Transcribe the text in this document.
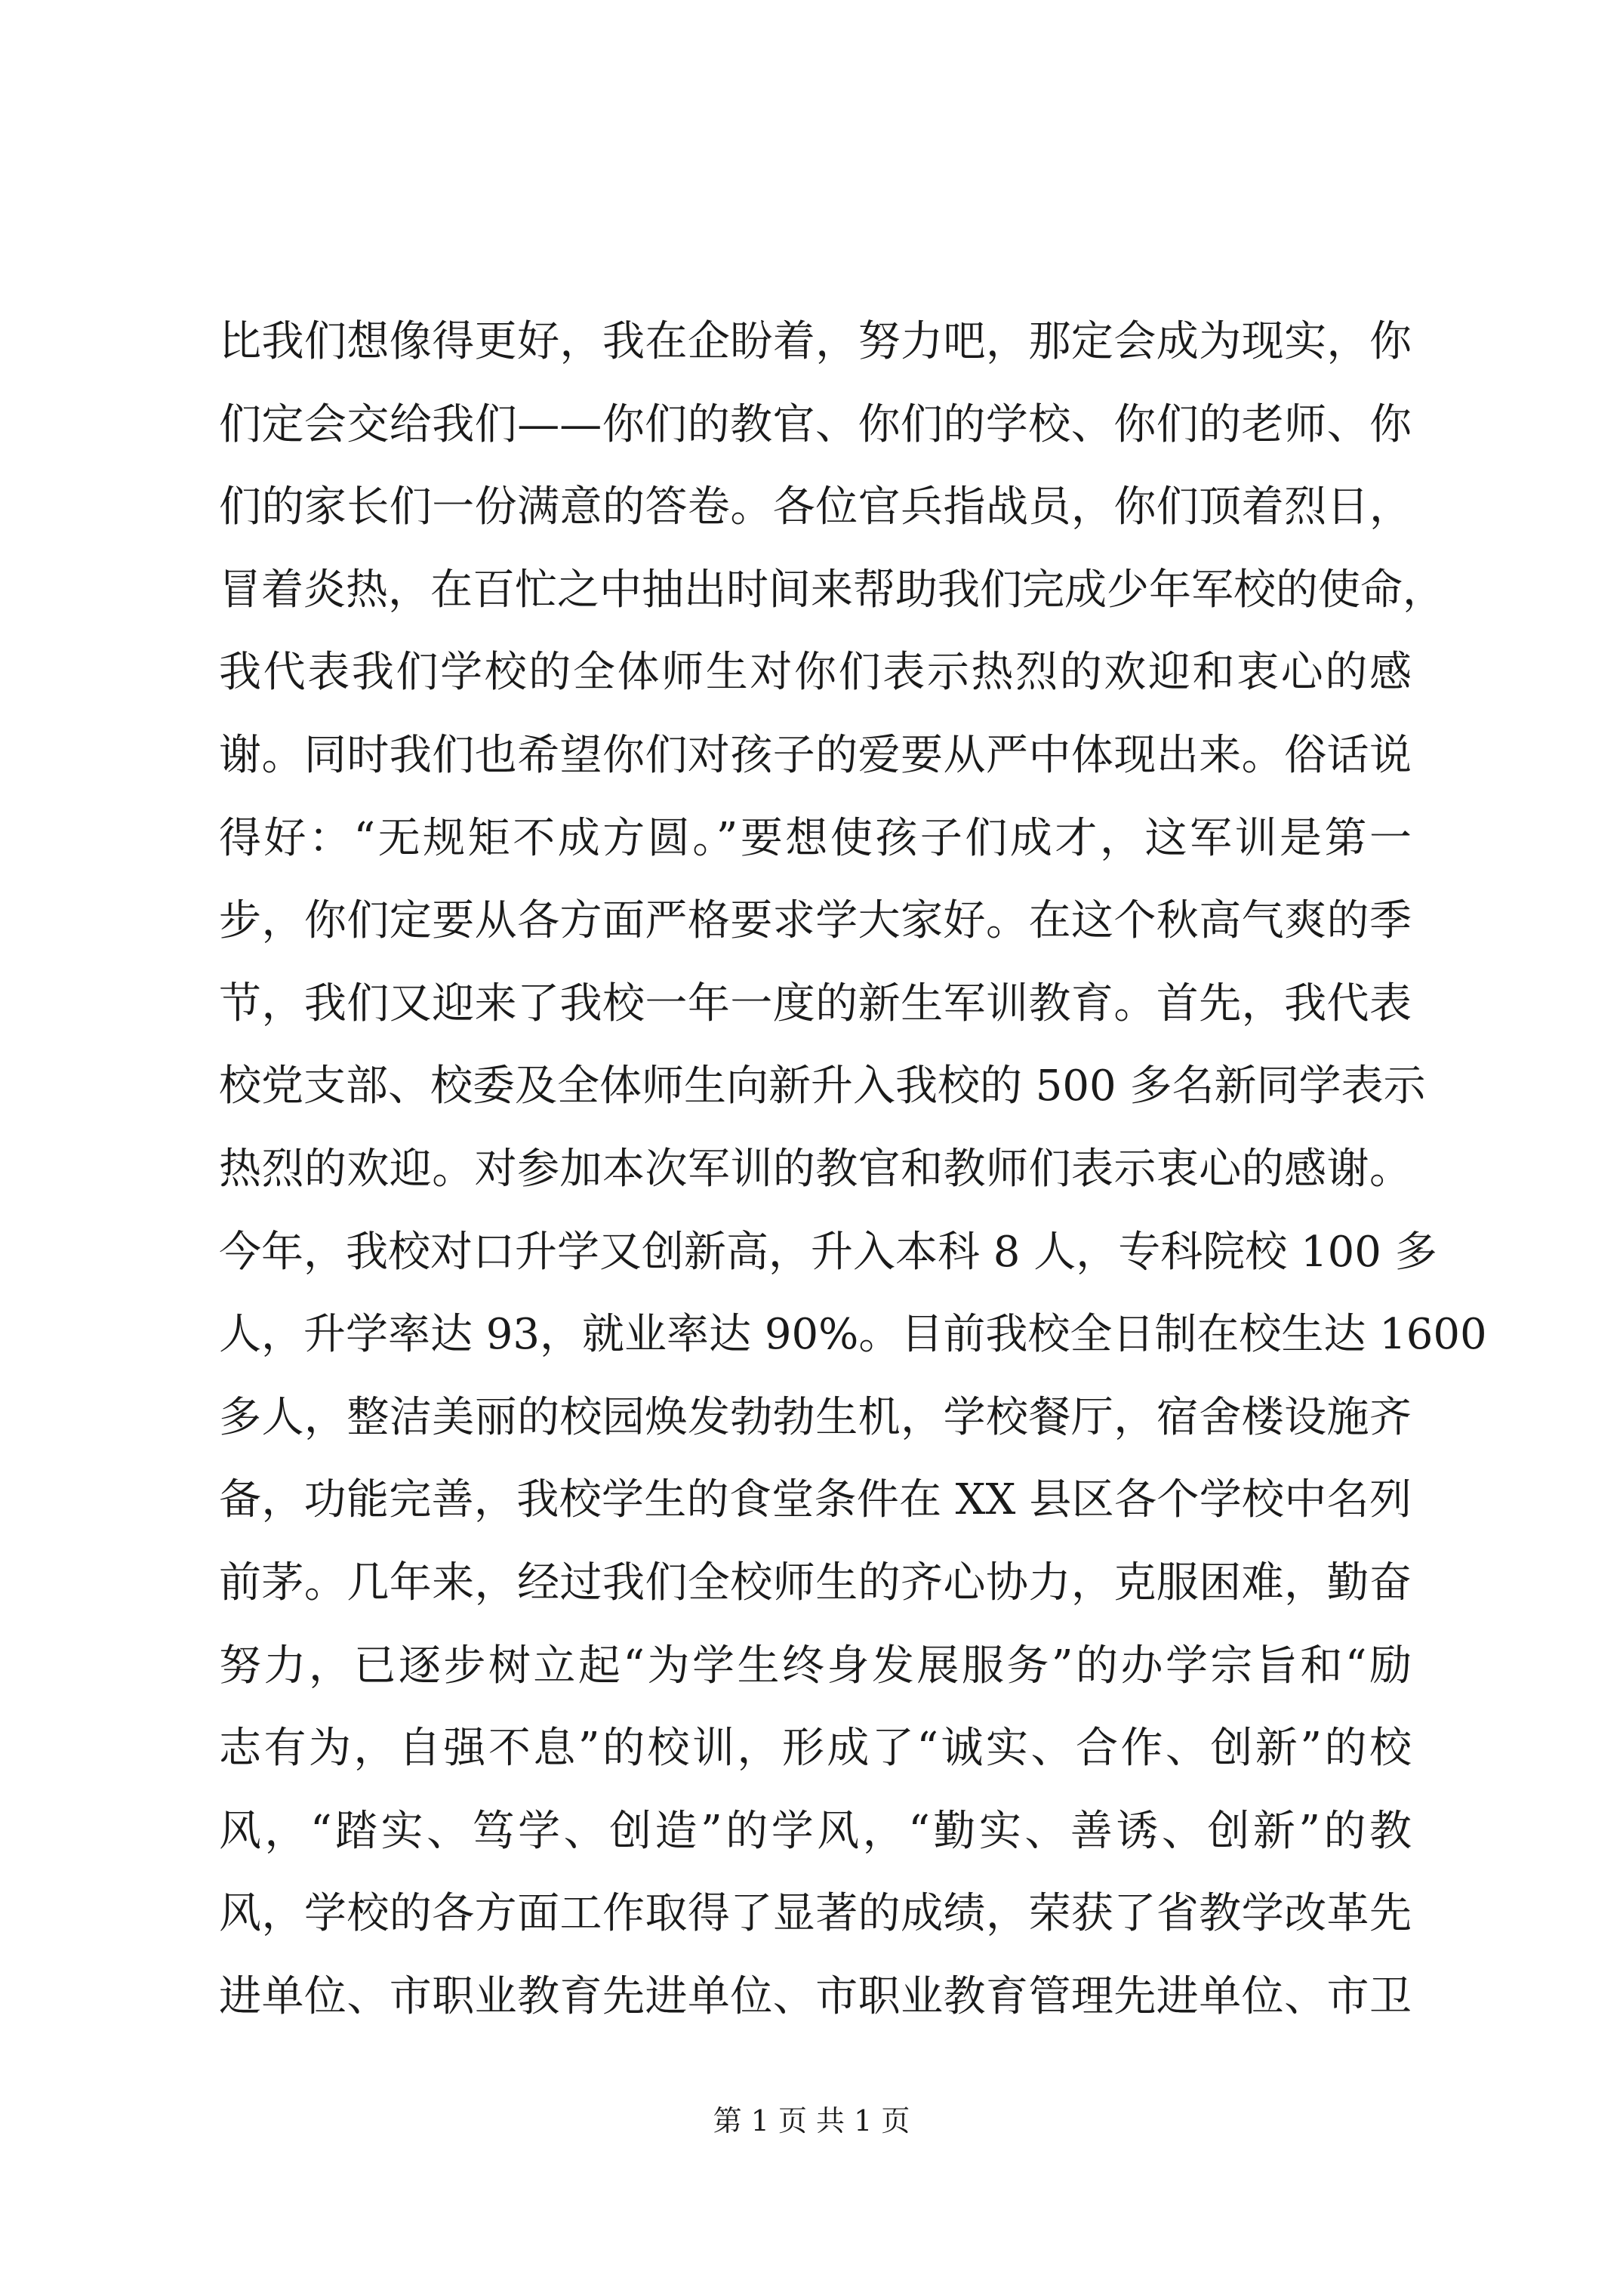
比我们想像得更好，我在企盼着，努力吧，那定会成为现实，你
们定会交给我们——你们的教官、你们的学校、你们的老师、你
们的家长们一份满意的答卷。各位官兵指战员，你们顶着烈日，
冒着炎热，在百忙之中抽出时间来帮助我们完成少年军校的使命，
我代表我们学校的全体师生对你们表示热烈的欢迎和衷心的感
谢。同时我们也希望你们对孩子的爱要从严中体现出来。俗话说
得好：“无规矩不成方圆。”要想使孩子们成才，这军训是第一
步，你们定要从各方面严格要求学大家好。在这个秋高气爽的季
节，我们又迎来了我校一年一度的新生军训教育。首先，我代表
校党支部、校委及全体师生向新升入我校的 500 多名新同学表示
热烈的欢迎。对参加本次军训的教官和教师们表示衷心的感谢。
今年，我校对口升学又创新高，升入本科 8 人，专科院校 100 多
人，升学率达 93，就业率达 90%。目前我校全日制在校生达 1600
多人，整洁美丽的校园焕发勃勃生机，学校餐厅，宿舍楼设施齐
备，功能完善，我校学生的食堂条件在 XX 县区各个学校中名列
前茅。几年来，经过我们全校师生的齐心协力，克服困难，勤奋
努力，已逐步树立起“为学生终身发展服务”的办学宗旨和“励
志有为，自强不息”的校训，形成了“诚实、合作、创新”的校
风，“踏实、笃学、创造”的学风，“勤实、善诱、创新”的教
风，学校的各方面工作取得了显著的成绩，荣获了省教学改革先
进单位、市职业教育先进单位、市职业教育管理先进单位、市卫
第 1 页 共 1 页
